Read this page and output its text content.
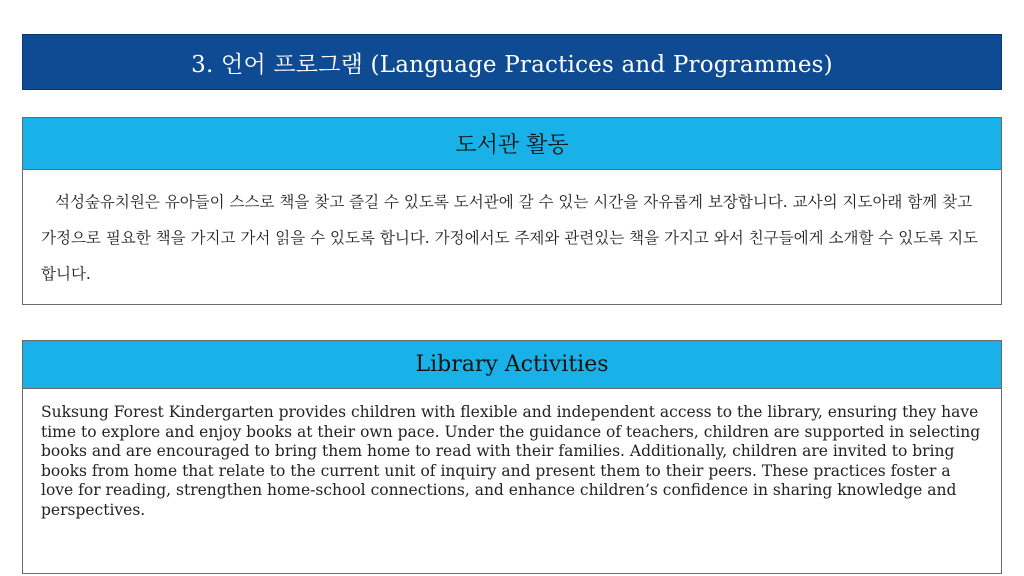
3. 언어 프로그램 (Language Practices and Programmes)
도서관 활동
석성숲유치원은 유아들이 스스로 책을 찾고 즐길 수 있도록 도서관에 갈 수 있는 시간을 자유롭게 보장합니다. 교사의 지도아래 함께 찾고 가정으로 필요한 책을 가지고 가서 읽을 수 있도록 합니다. 가정에서도 주제와 관련있는 책을 가지고 와서 친구들에게 소개할 수 있도록 지도 합니다.
Library Activities
Suksung Forest Kindergarten provides children with flexible and independent access to the library, ensuring they have time to explore and enjoy books at their own pace. Under the guidance of teachers, children are supported in selecting books and are encouraged to bring them home to read with their families. Additionally, children are invited to bring books from home that relate to the current unit of inquiry and present them to their peers. These practices foster a love for reading, strengthen home-school connections, and enhance children’s confidence in sharing knowledge and perspectives.
